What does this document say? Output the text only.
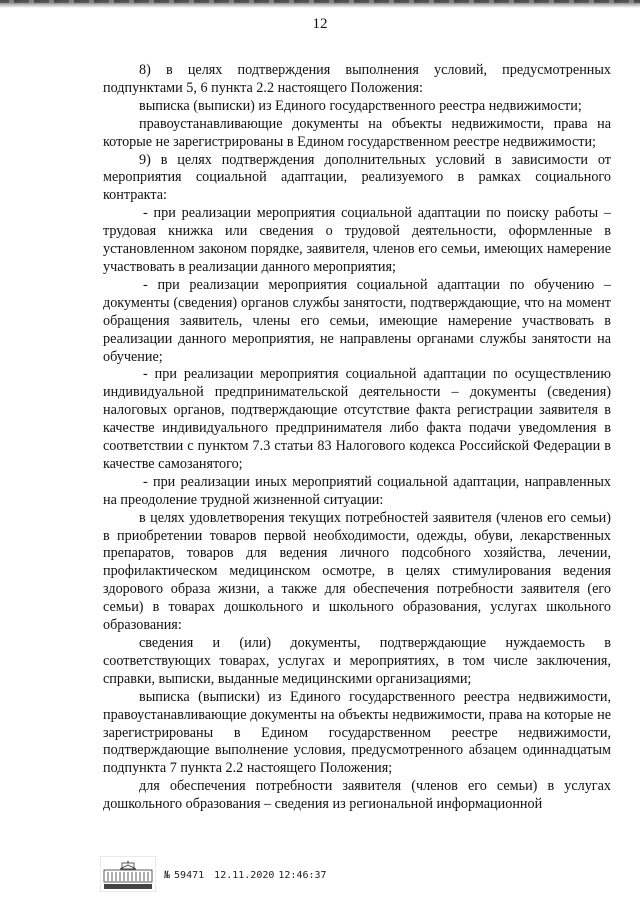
12

8) в целях подтверждения выполнения условий, предусмотренных подпунктами 5, 6 пункта 2.2 настоящего Положения:

выписка (выписки) из Единого государственного реестра недвижимости;

правоустанавливающие документы на объекты недвижимости, права на которые не зарегистрированы в Едином государственном реестре недвижимости;

9) в целях подтверждения дополнительных условий в зависимости от мероприятия социальной адаптации, реализуемого в рамках социального контракта:

- при реализации мероприятия социальной адаптации по поиску работы – трудовая книжка или сведения о трудовой деятельности, оформленные в установленном законом порядке, заявителя, членов его семьи, имеющих намерение участвовать в реализации данного мероприятия;

- при реализации мероприятия социальной адаптации по обучению – документы (сведения) органов службы занятости, подтверждающие, что на момент обращения заявитель, члены его семьи, имеющие намерение участвовать в реализации данного мероприятия, не направлены органами службы занятости на обучение;

- при реализации мероприятия социальной адаптации по осуществлению индивидуальной предпринимательской деятельности – документы (сведения) налоговых органов, подтверждающие отсутствие факта регистрации заявителя в качестве индивидуального предпринимателя либо факта подачи уведомления в соответствии с пунктом 7.3 статьи 83 Налогового кодекса Российской Федерации в качестве самозанятого;

- при реализации иных мероприятий социальной адаптации, направленных на преодоление трудной жизненной ситуации:

в целях удовлетворения текущих потребностей заявителя (членов его семьи) в приобретении товаров первой необходимости, одежды, обуви, лекарственных препаратов, товаров для ведения личного подсобного хозяйства, лечении, профилактическом медицинском осмотре, в целях стимулирования ведения здорового образа жизни, а также для обеспечения потребности заявителя (его семьи) в товарах дошкольного и школьного образования, услугах школьного образования:

сведения и (или) документы, подтверждающие нуждаемость в соответствующих товарах, услугах и мероприятиях, в том числе заключения, справки, выписки, выданные медицинскими организациями;

выписка (выписки) из Единого государственного реестра недвижимости, правоустанавливающие документы на объекты недвижимости, права на которые не зарегистрированы в Едином государственном реестре недвижимости, подтверждающие выполнение условия, предусмотренного абзацем одиннадцатым подпункта 7 пункта 2.2 настоящего Положения;

для обеспечения потребности заявителя (членов его семьи) в услугах дошкольного образования – сведения из региональной информационной

№ 59471 12.11.2020 12:46:37
